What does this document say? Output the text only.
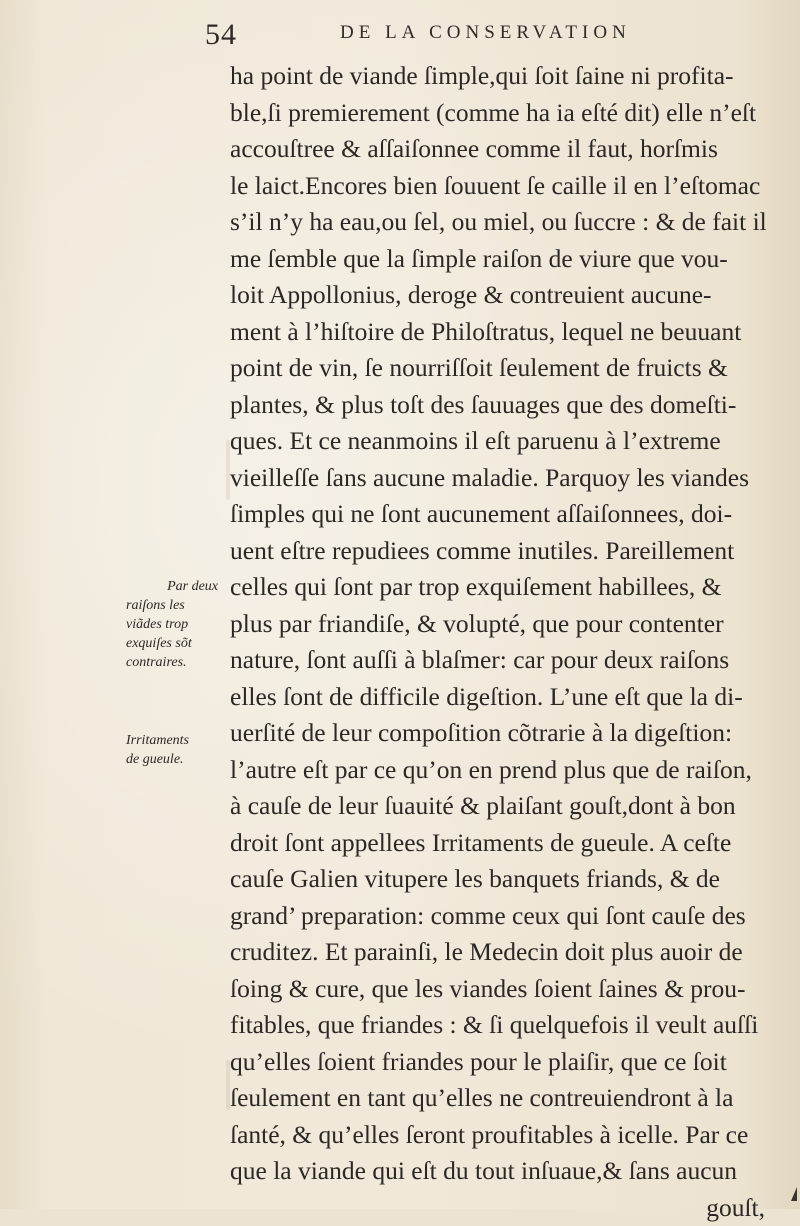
54	DE LA CONSERVATION
Par deux
raiſons les
viãdes trop
exquiſes sõt
contraires.
Irritaments
de gueule.
ha point de viande ſimple,qui ſoit ſaine ni profita-
ble,ſi premierement (comme ha ia eſté dit) elle n’eſt
accouſtree & aſſaiſonnee comme il faut, horſmis
le laict.Encores bien ſouuent ſe caille il en l’eſtomac
s’il n’y ha eau,ou ſel, ou miel, ou ſuccre : & de fait il
me ſemble que la ſimple raiſon de viure que vou-
loit Appollonius, deroge & contreuient aucune-
ment à l’hiſtoire de Philoſtratus, lequel ne beuuant
point de vin, ſe nourriſſoit ſeulement de fruicts &
plantes, & plus toſt des ſauuages que des domeſti-
ques. Et ce neanmoins il eſt paruenu à l’extreme
vieilleſſe ſans aucune maladie. Parquoy les viandes
ſimples qui ne ſont aucunement aſſaiſonnees, doi-
uent eſtre repudiees comme inutiles. Pareillement
celles qui ſont par trop exquiſement habillees, &
plus par friandiſe, & volupté, que pour contenter
nature, ſont auſſi à blaſmer: car pour deux raiſons
elles ſont de difficile digeſtion. L’une eſt que la di-
uerſité de leur compoſition cõtrarie à la digeſtion:
l’autre eſt par ce qu’on en prend plus que de raiſon,
à cauſe de leur ſuauité & plaiſant gouſt,dont à bon
droit ſont appellees Irritaments de gueule. A ceſte
cauſe Galien vitupere les banquets friands, & de
grand’ preparation: comme ceux qui ſont cauſe des
cruditez. Et parainſi, le Medecin doit plus auoir de
ſoing & cure, que les viandes ſoient ſaines & prou-
fitables, que friandes : & ſi quelquefois il veult auſſi
qu’elles ſoient friandes pour le plaiſir, que ce ſoit
ſeulement en tant qu’elles ne contreuiendront à la
ſanté, & qu’elles ſeront proufitables à icelle. Par ce
que la viande qui eſt du tout inſuaue,& ſans aucun
gouſt,
